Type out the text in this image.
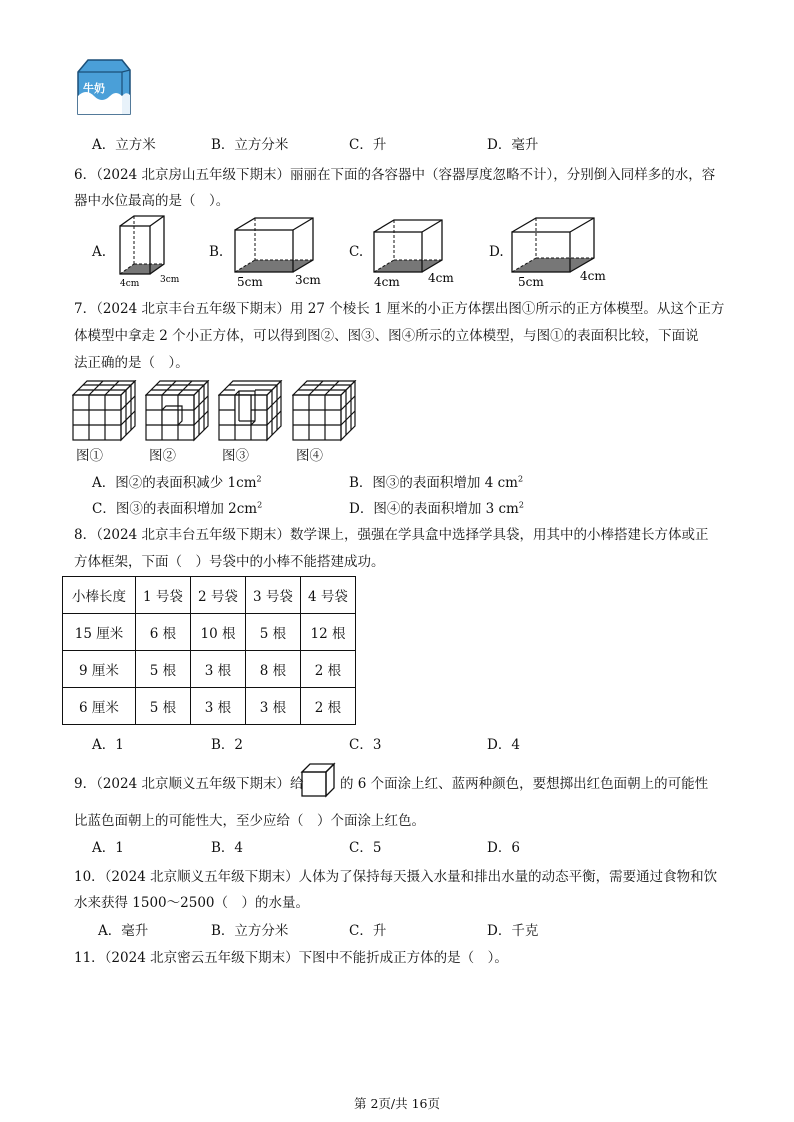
牛奶
A．立方米	B．立方分米	C．升	D．毫升
6．（2024 北京房山五年级下期末）丽丽在下面的各容器中（容器厚度忽略不计），分别倒入同样多的水，容
器中水位最高的是（　）。
A.
4cm 3cm
B.
5cm	3cm
C.
4cm 4cm
D.
5cm	4cm
7．（2024 北京丰台五年级下期末）用 27 个棱长 1 厘米的小正方体摆出图①所示的正方体模型。从这个正方
体模型中拿走 2 个小正方体，可以得到图②、图③、图④所示的立体模型，与图①的表面积比较，下面说
法正确的是（　）。
图①	图②	图③	图④
A．图②的表面积减少 $1cm^2$	B．图③的表面积增加 4 $cm^2$
C．图③的表面积增加 $2cm^2$	D．图④的表面积增加 3 $cm^2$
8．（2024 北京丰台五年级下期末）数学课上，强强在学具盒中选择学具袋，用其中的小棒搭建长方体或正
方体框架，下面（　）号袋中的小棒不能搭建成功。
小棒长度	1 号袋	2 号袋	3 号袋	4 号袋
15 厘米	6 根	10 根	5 根	12 根
9 厘米	5 根	3 根	8 根	2 根
6 厘米	5 根	3 根	3 根	2 根
A．1	B．2	C．3	D．4
9．（2024 北京顺义五年级下期末）给	的 6 个面涂上红、蓝两种颜色，要想掷出红色面朝上的可能性
比蓝色面朝上的可能性大，至少应给（　）个面涂上红色。
A．1	B．4	C．5	D．6
10．（2024 北京顺义五年级下期末）人体为了保持每天摄入水量和排出水量的动态平衡，需要通过食物和饮
水来获得 1500～2500（　）的水量。
A．毫升	B．立方分米	C．升	D．千克
11．（2024 北京密云五年级下期末）下图中不能折成正方体的是（　）。
第 2页/共 16页
